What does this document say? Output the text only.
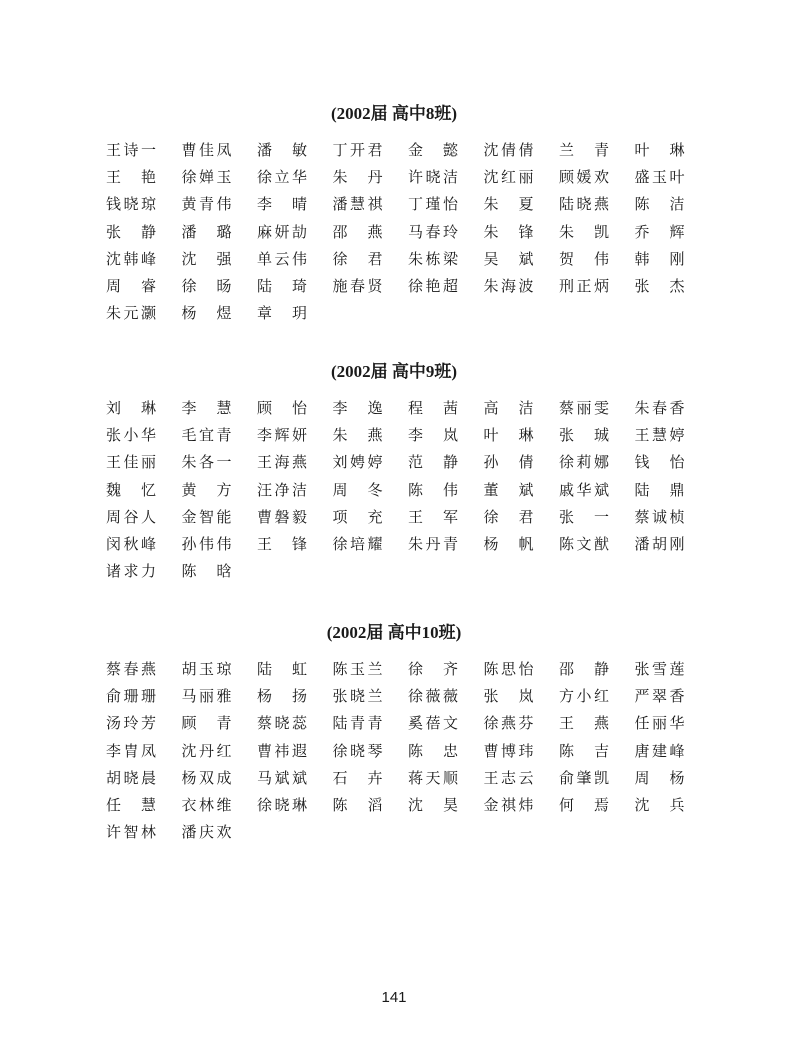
(2002届 高中8班)
王 诗 一 曹 佳 凤 潘 敏 丁 开 君 金 懿 沈 倩 倩 兰 青 叶 琳
王 艳 徐 婵 玉 徐 立 华 朱 丹 许 晓 洁 沈 红 丽 顾 媛 欢 盛 玉 叶
钱 晓 琼 黄 青 伟 李 晴 潘 慧 祺 丁 瑾 怡 朱 夏 陆 晓 燕 陈 洁
张 静 潘 璐 麻 妍 劼 邵 燕 马 春 玲 朱 锋 朱 凯 乔 辉
沈 韩 峰 沈 强 单 云 伟 徐 君 朱 栋 梁 吴 斌 贺 伟 韩 刚
周 睿 徐 旸 陆 琦 施 春 贤 徐 艳 超 朱 海 波 刑 正 炳 张 杰
朱 元 灏 杨 煜 章 玥
(2002届 高中9班)
刘 琳 李 慧 顾 怡 李 逸 程 茜 高 洁 蔡 丽 雯 朱 春 香
张 小 华 毛 宜 青 李 辉 妍 朱 燕 李 岚 叶 琳 张 珹 王 慧 婷
王 佳 丽 朱 各 一 王 海 燕 刘 娉 婷 范 静 孙 倩 徐 莉 娜 钱 怡
魏 忆 黄 方 汪 净 洁 周 冬 陈 伟 董 斌 戚 华 斌 陆 鼎
周 谷 人 金 智 能 曹 磐 毅 项 充 王 军 徐 君 张 一 蔡 诚 桢
闵 秋 峰 孙 伟 伟 王 锋 徐 培 耀 朱 丹 青 杨 帆 陈 文 猷 潘 胡 刚
诸 求 力 陈 晗
(2002届 高中10班)
蔡 春 燕 胡 玉 琼 陆 虹 陈 玉 兰 徐 齐 陈 思 怡 邵 静 张 雪 莲
俞 珊 珊 马 丽 雅 杨 扬 张 晓 兰 徐 薇 薇 张 岚 方 小 红 严 翠 香
汤 玲 芳 顾 青 蔡 晓 蕊 陆 青 青 奚 蓓 文 徐 燕 芬 王 燕 任 丽 华
李 胄 凤 沈 丹 红 曹 祎 遐 徐 晓 琴 陈 忠 曹 博 玮 陈 吉 唐 建 峰
胡 晓 晨 杨 双 成 马 斌 斌 石 卉 蒋 天 顺 王 志 云 俞 肇 凯 周 杨
任 慧 衣 林 维 徐 晓 琳 陈 滔 沈 昊 金 祺 炜 何 焉 沈 兵
许 智 林 潘 庆 欢
141
